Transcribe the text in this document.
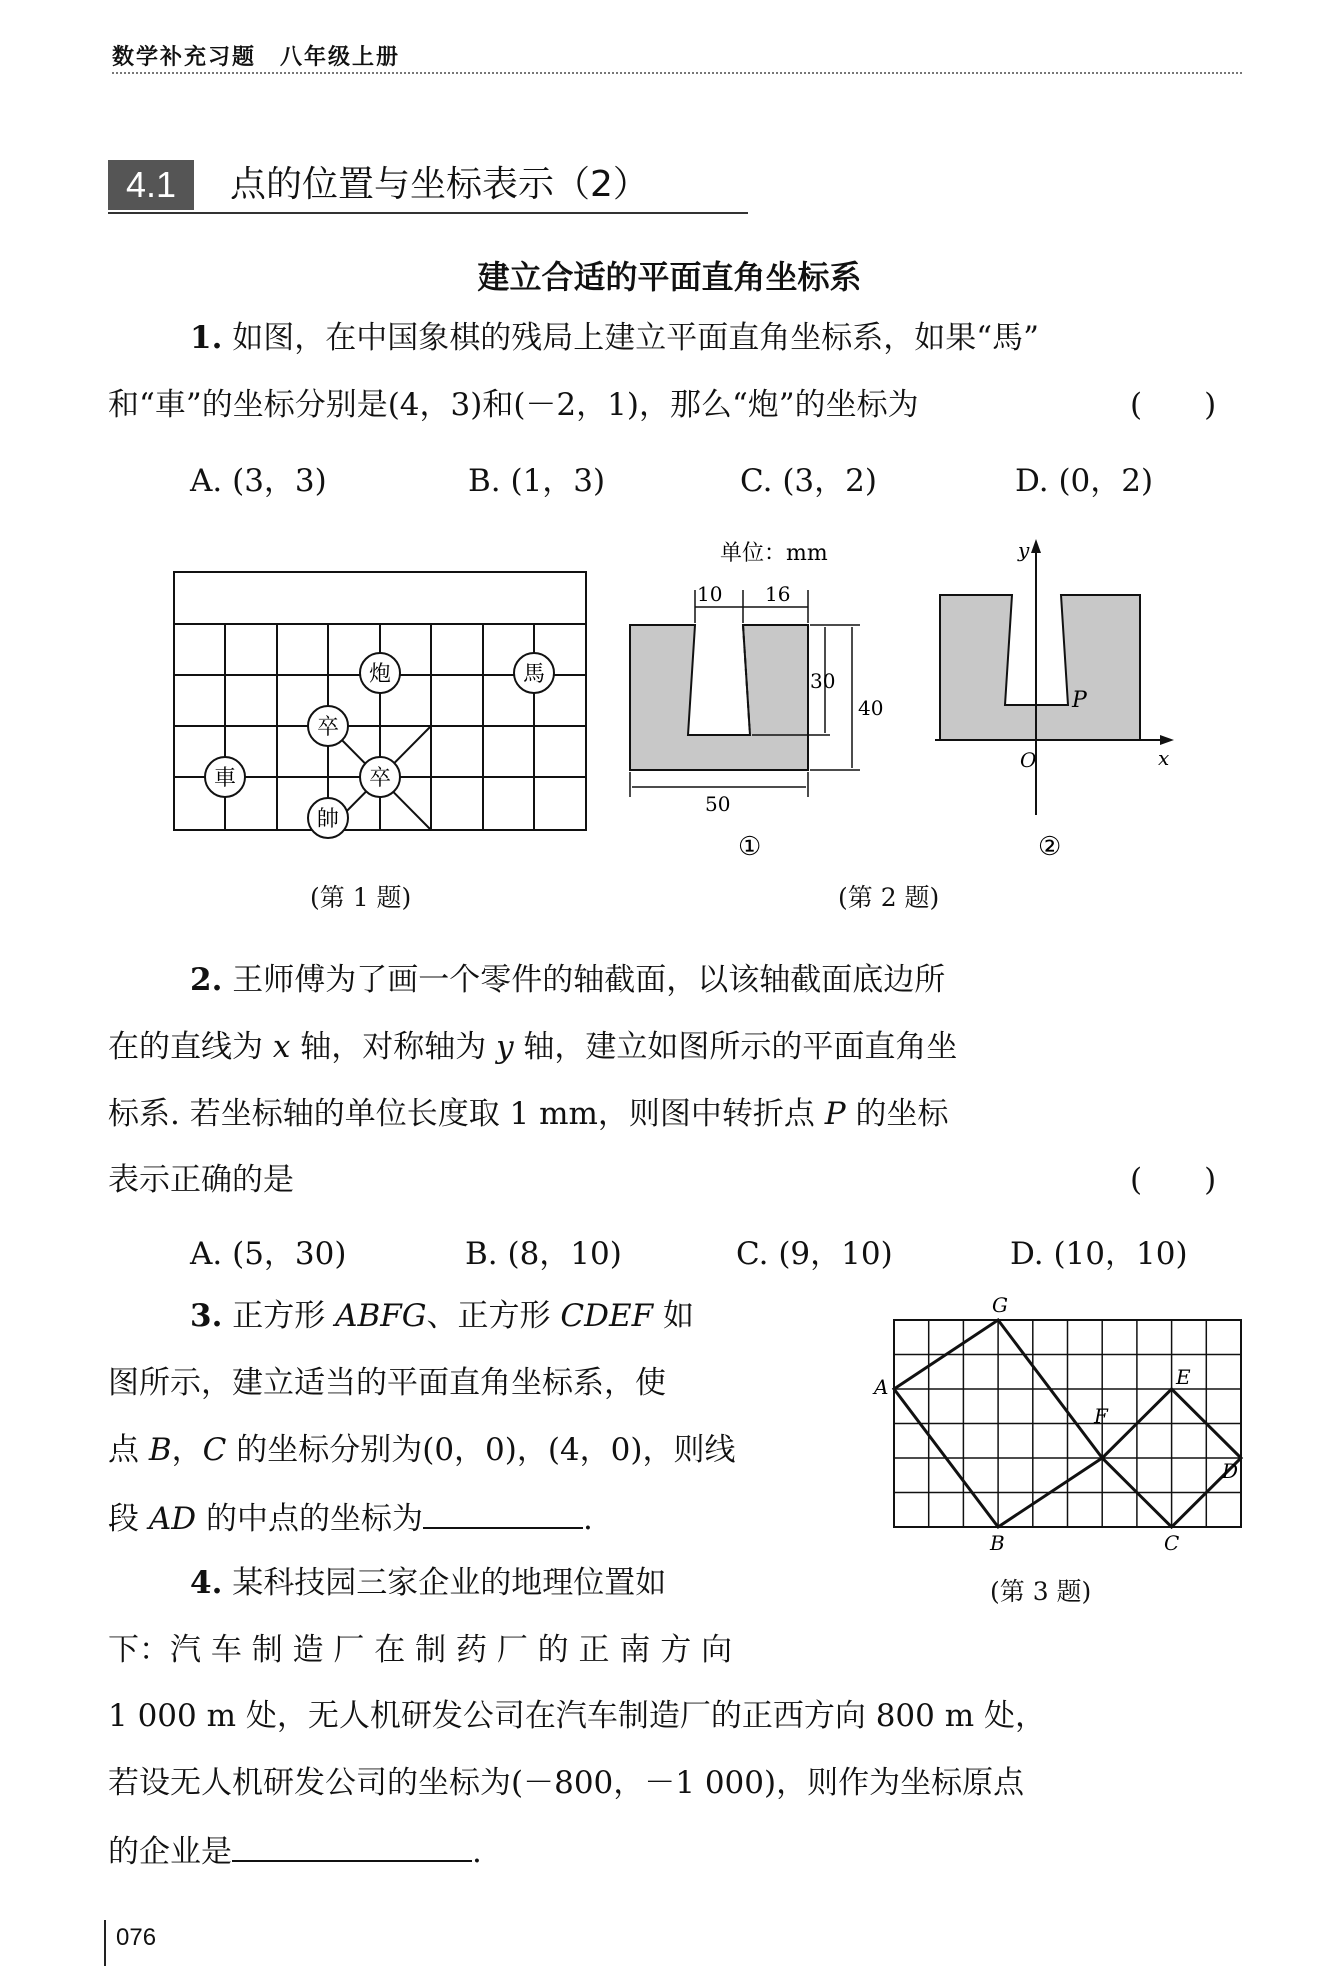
数学补充习题　八年级上册
4.1	点的位置与坐标表示（2）
建立合适的平面直角坐标系
1. 如图，在中国象棋的残局上建立平面直角坐标系，如果“馬”
和“車”的坐标分别是(4，3)和(－2，1)，那么“炮”的坐标为	(　　)
A. (3，3)	B. (1，3)	C. (3，2)	D. (0，2)
炮	馬
卒
車	卒
帥
(第 1 题)
单位：mm
10 16
30
40
50
①
y
x
O
P
②
(第 2 题)
2. 王师傅为了画一个零件的轴截面，以该轴截面底边所
在的直线为 x 轴，对称轴为 y 轴，建立如图所示的平面直角坐
标系. 若坐标轴的单位长度取 1 mm，则图中转折点 P 的坐标
表示正确的是	(　　)
A. (5，30)	B. (8，10)	C. (9，10)	D. (10，10)
3. 正方形 ABFG、正方形 CDEF 如
图所示，建立适当的平面直角坐标系，使
点 B，C 的坐标分别为(0，0)，(4，0)，则线
段 AD 的中点的坐标为	.
G
A	E
F
D
B	C
(第 3 题)
4. 某科技园三家企业的地理位置如
下：汽 车 制 造 厂 在 制 药 厂 的 正 南 方 向
1 000 m 处，无人机研发公司在汽车制造厂的正西方向 800 m 处，
若设无人机研发公司的坐标为(－800，－1 000)，则作为坐标原点
的企业是	.
076
